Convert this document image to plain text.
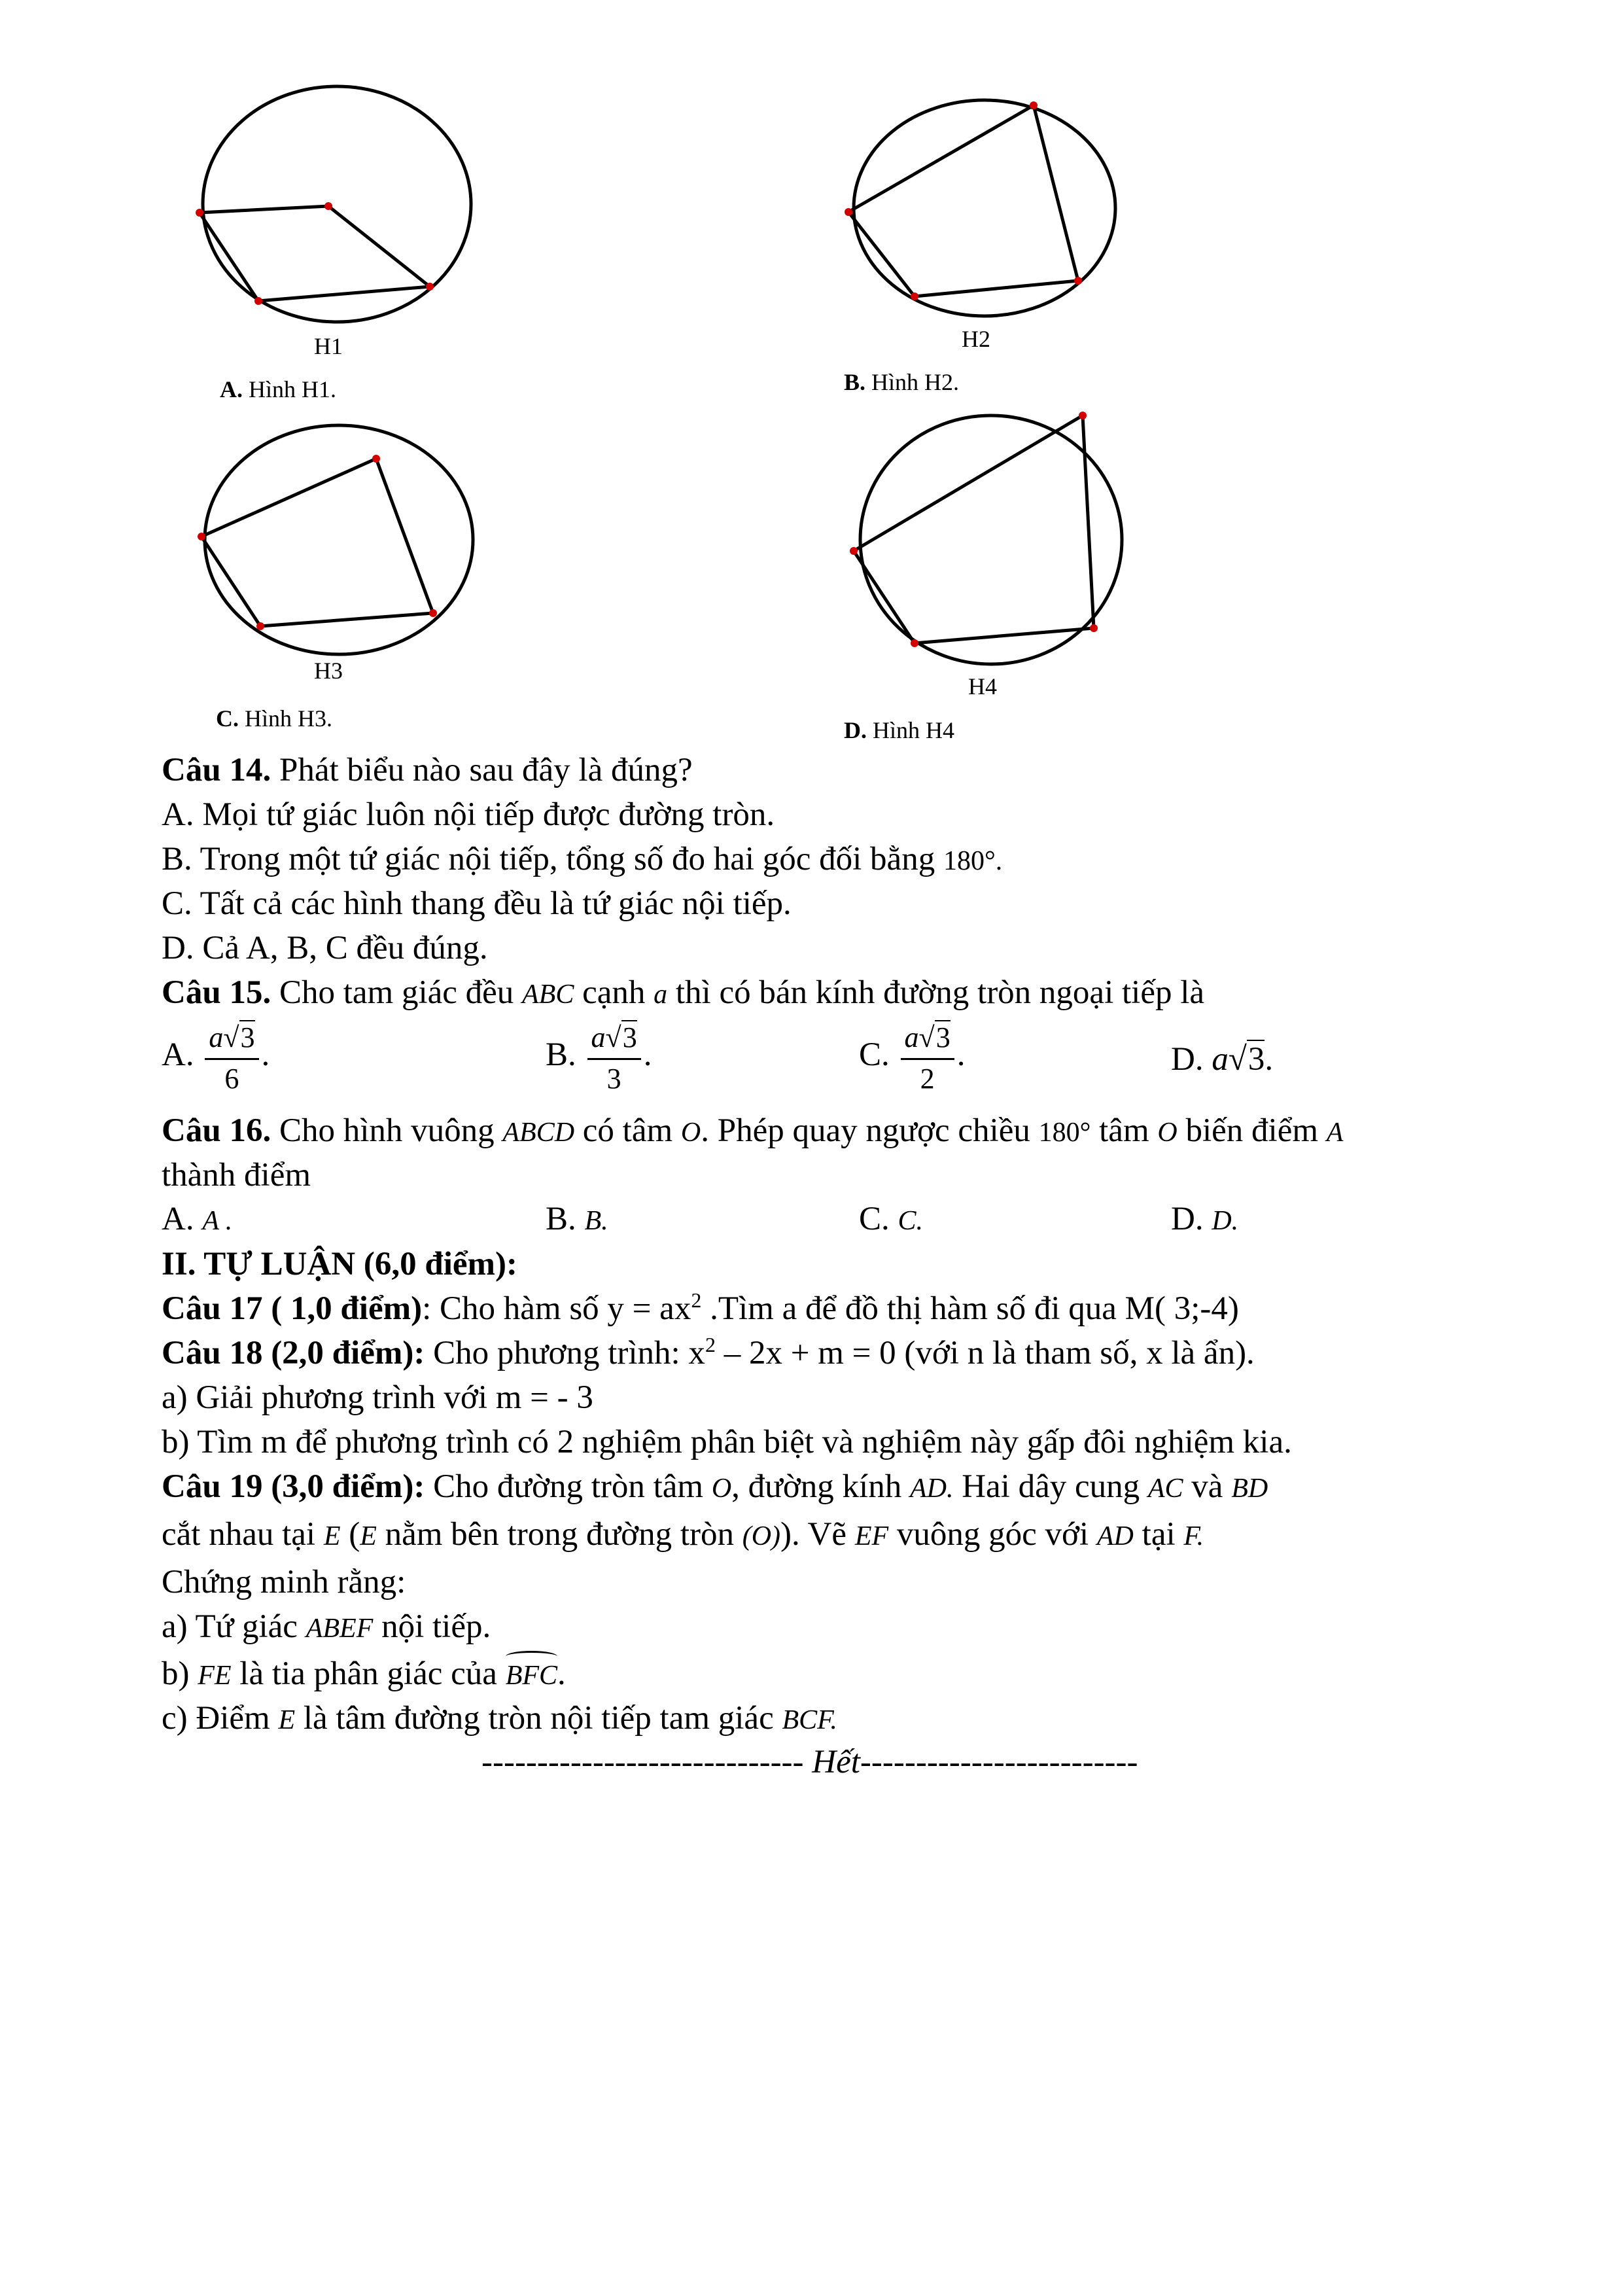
H1
A. Hình H1.
H2
B. Hình H2.
H3
C. Hình H3.
H4
D. Hình H4
Câu 14. Phát biểu nào sau đây là đúng?
A. Mọi tứ giác luôn nội tiếp được đường tròn.
B. Trong một tứ giác nội tiếp, tổng số đo hai góc đối bằng 180°.
C. Tất cả các hình thang đều là tứ giác nội tiếp.
D. Cả A, B, C đều đúng.
Câu 15. Cho tam giác đều ABC cạnh a thì có bán kính đường tròn ngoại tiếp là
A. $\frac{a√3}{6}$ .	B. $\frac{a√3}{3}$ .	C. $\frac{a√3}{2}$ .	D. a√3.
Câu 16. Cho hình vuông ABCD có tâm O. Phép quay ngược chiều 180° tâm O biến điểm A
thành điểm
A. A .	B. B.	C. C.	D. D.
II. TỰ LUẬN (6,0 điểm):
Câu 17 ( 1,0 điểm): Cho hàm số $y = ax^2$ .Tìm a để đồ thị hàm số đi qua M( 3;-4)
Câu 18 (2,0 điểm): Cho phương trình: $x^2 - 2x + m = 0$ (với n là tham số, x là ẩn).
a) Giải phương trình với m = - 3
b) Tìm m để phương trình có 2 nghiệm phân biệt và nghiệm này gấp đôi nghiệm kia.
Câu 19 (3,0 điểm): Cho đường tròn tâm O, đường kính AD. Hai dây cung AC và BD
cắt nhau tại E (E nằm bên trong đường tròn (O)). Vẽ EF vuông góc với AD tại F.
Chứng minh rằng:
a) Tứ giác ABEF nội tiếp.
b) FE là tia phân giác của BFC.
c) Điểm E là tâm đường tròn nội tiếp tam giác BCF.
----------------------------- Hết-------------------------
